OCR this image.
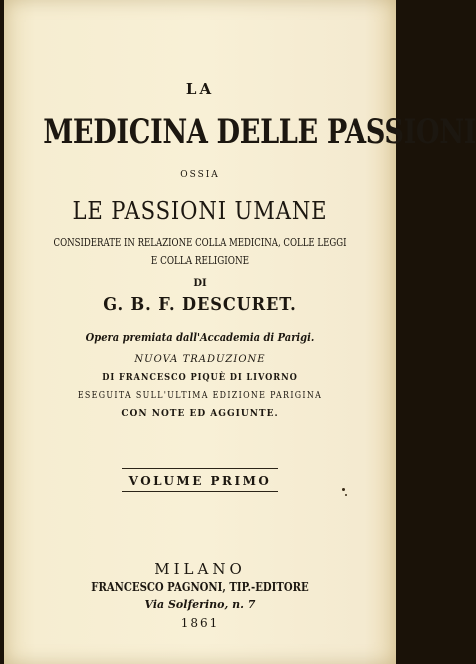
LA
MEDICINA DELLE PASSIONI
OSSIA
LE PASSIONI UMANE
CONSIDERATE IN RELAZIONE COLLA MEDICINA, COLLE LEGGI
E COLLA RELIGIONE
DI
G. B. F. DESCURET.
Opera premiata dall'Accademia di Parigi.
NUOVA TRADUZIONE
DI FRANCESCO PIQUÈ DI LIVORNO
ESEGUITA SULL'ULTIMA EDIZIONE PARIGINA
CON NOTE ED AGGIUNTE.
VOLUME PRIMO
MILANO
FRANCESCO PAGNONI, TIP.-EDITORE
Via Solferino, n. 7
1861
